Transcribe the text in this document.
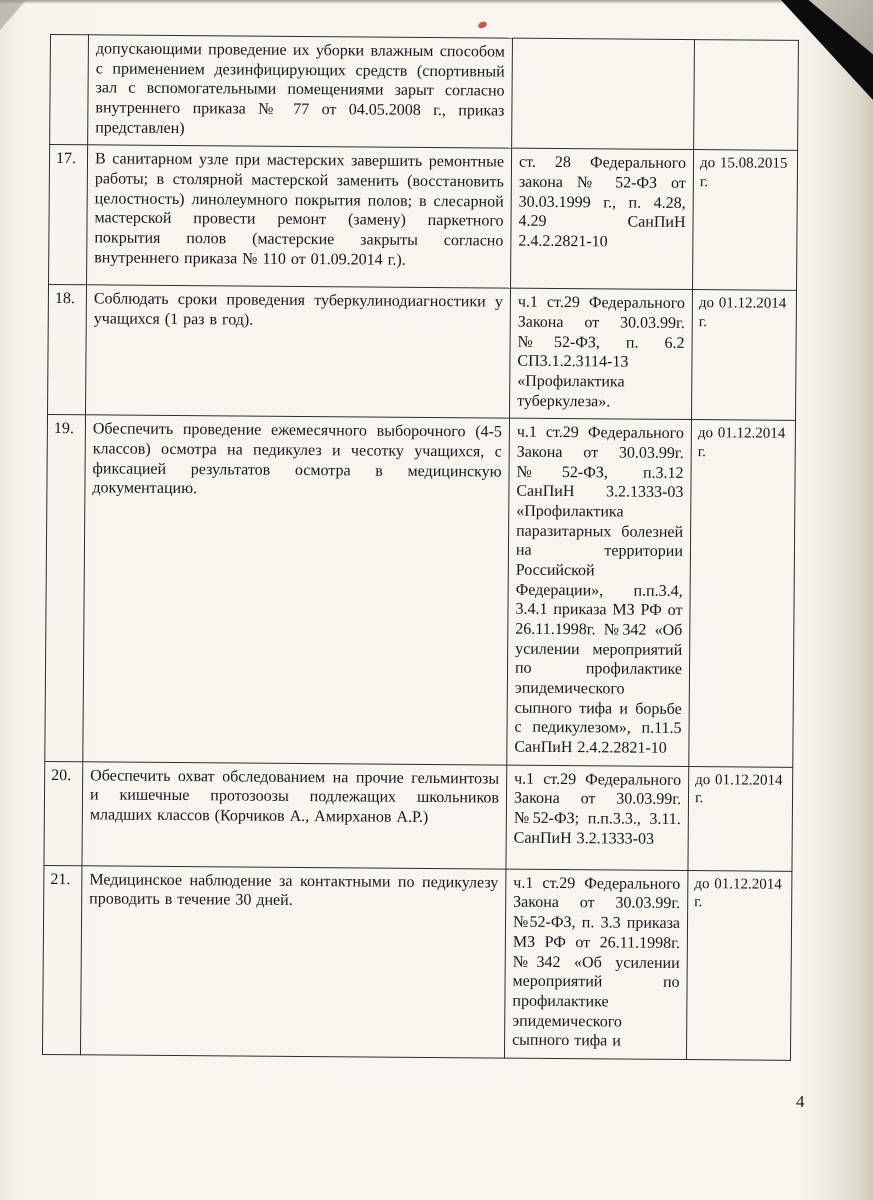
	допускающими проведение их уборки влажным способом с применением дезинфицирующих средств (спортивный зал с вспомогательными помещениями зарыт согласно внутреннего приказа № 77 от 04.05.2008 г., приказ представлен)		
17.	В санитарном узле при мастерских завершить ремонтные работы; в столярной мастерской заменить (восстановить целостность) линолеумного покрытия полов; в слесарной мастерской провести ремонт (замену) паркетного покрытия полов (мастерские закрыты согласно внутреннего приказа № 110 от 01.09.2014 г.).	ст. 28 Федерального закона № 52-ФЗ от 30.03.1999 г., п. 4.28, 4.29 СанПиН 2.4.2.2821-10	до 15.08.2015 г.
18.	Соблюдать сроки проведения туберкулинодиагностики у учащихся (1 раз в год).	ч.1 ст.29 Федерального Закона от 30.03.99г. №52-ФЗ, п. 6.2 СП3.1.2.3114-13 «Профилактика туберкулеза».	до 01.12.2014 г.
19.	Обеспечить проведение ежемесячного выборочного (4-5 классов) осмотра на педикулез и чесотку учащихся, с фиксацией результатов осмотра в медицинскую документацию.	ч.1 ст.29 Федерального Закона от 30.03.99г. №52-ФЗ, п.3.12 СанПиН 3.2.1333-03 «Профилактика паразитарных болезней на территории Российской Федерации», п.п.3.4, 3.4.1 приказа МЗ РФ от 26.11.1998г. №342 «Об усилении мероприятий по профилактике эпидемического сыпного тифа и борьбе с педикулезом», п.11.5 СанПиН 2.4.2.2821-10	до 01.12.2014 г.
20.	Обеспечить охват обследованием на прочие гельминтозы и кишечные протозоозы подлежащих школьников младших классов (Корчиков А., Амирханов А.Р.)	ч.1 ст.29 Федерального Закона от 30.03.99г. №52-ФЗ; п.п.3.3., 3.11. СанПиН 3.2.1333-03	до 01.12.2014 г.
21.	Медицинское наблюдение за контактными по педикулезу проводить в течение 30 дней.	ч.1 ст.29 Федерального Закона от 30.03.99г. №52-ФЗ, п. 3.3 приказа МЗ РФ от 26.11.1998г. №342 «Об усилении мероприятий по профилактике эпидемического сыпного тифа и	до 01.12.2014 г.
4
